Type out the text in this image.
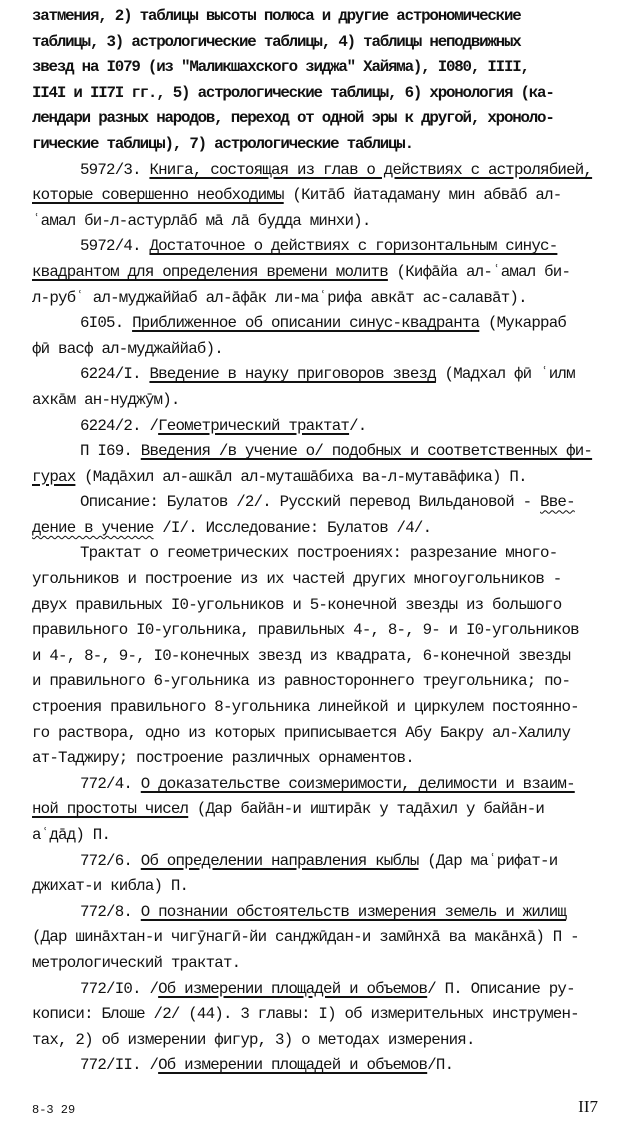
затмения, 2) таблицы высоты полюса и другие астрономические
таблицы, 3) астрологические таблицы, 4) таблицы неподвижных
звезд на I079 (из "Маликшахского зиджа" Хайяма), I080, IIII,
II4I и II7I гг., 5) астрологические таблицы, 6) хронология (ка-
лендари разных народов, переход от одной эры к другой, хроноло-
гические таблицы), 7) астрологические таблицы.
5972/3. Книга, состоящая из глав о действиях с астролябией,
которые совершенно необходимы (Китāб йатадаману мин абвāб ал-
ʿамал би-л-астурлāб мā лā будда минхи).
5972/4. Достаточное о действиях с горизонтальным синус-
квадрантом для определения времени молитв (Кифāйа ал-ʿамал би-
л-рубʿ ал-муджаййаб ал-āфāк ли-маʿрифа авкāт ас-салавāт).
6I05. Приближенное об описании синус-квадранта (Мукарраб
фӣ васф ал-муджаййаб).
6224/I. Введение в науку приговоров звезд (Мадхал фӣ ʿилм
ахкāм ан-нуджӯм).
6224/2. /Геометрический трактат/.
П I69. Введения /в учение о/ подобных и соответственных фи-
гурах (Мадāхил ал-ашкāл ал-муташāбиха ва-л-мутавāфика) П.
Описание: Булатов /2/. Русский перевод Вильдановой - Вве-
дение в учение /I/. Исследование: Булатов /4/.
Трактат о геометрических построениях: разрезание много-
угольников и построение из их частей других многоугольников -
двух правильных I0-угольников и 5-конечной звезды из большого
правильного I0-угольника, правильных 4-, 8-, 9- и I0-угольников
и 4-, 8-, 9-, I0-конечных звезд из квадрата, 6-конечной звезды
и правильного 6-угольника из равностороннего треугольника; по-
строения правильного 8-угольника линейкой и циркулем постоянно-
го раствора, одно из которых приписывается Абу Бакру ал-Халилу
ат-Таджиру; построение различных орнаментов.
772/4. О доказательстве соизмеримости, делимости и взаим-
ной простоты чисел (Дар байāн-и иштирāк у тадāхил у байāн-и
аʿдāд) П.
772/6. Об определении направления кыблы (Дар маʿрифат-и
джихат-и кибла) П.
772/8. О познании обстоятельств измерения земель и жилищ
(Дар шинāхтан-и чигӯнагӣ-йи санджӣдан-и замӣнхā ва макāнхā) П -
метрологический трактат.
772/I0. /Об измерении площадей и объемов/ П. Описание ру-
кописи: Блоше /2/ (44). 3 главы: I) об измерительных инструмен-
тах, 2) об измерении фигур, 3) о методах измерения.
772/II. /Об измерении площадей и объемов/П.
8-3 29	II7
